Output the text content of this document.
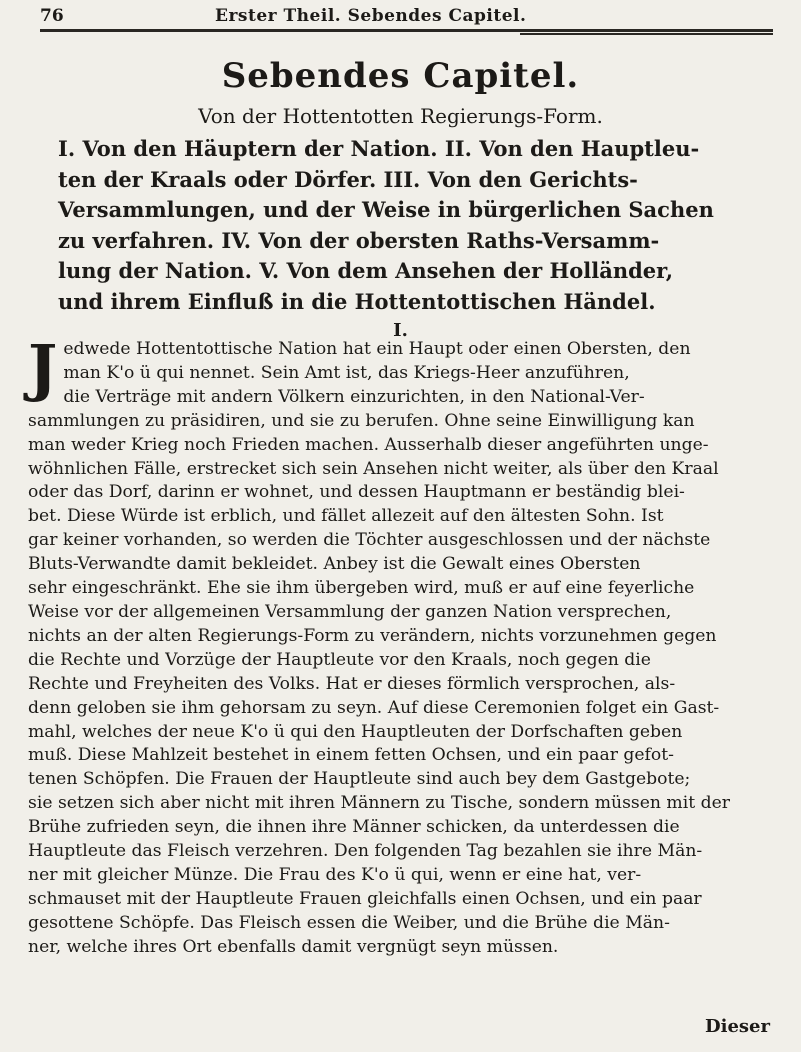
76	Erster Theil. Sebendes Capitel.
Sebendes Capitel.
Von der Hottentotten Regierungs-Form.
I. Von den Häuptern der Nation. II. Von den Hauptleu-
ten der Kraals oder Dörfer. III. Von den Gerichts-
Versammlungen, und der Weise in bürgerlichen Sachen
zu verfahren. IV. Von der obersten Raths-Versamm-
lung der Nation. V. Von dem Ansehen der Holländer,
und ihrem Einfluß in die Hottentottischen Händel.
I.
J edwede Hottentottische Nation hat ein Haupt oder einen Obersten, den
man K'o ü qui nennet. Sein Amt ist, das Kriegs-Heer anzuführen,
die Verträge mit andern Völkern einzurichten, in den National-Ver-
sammlungen zu präsidiren, und sie zu berufen. Ohne seine Einwilligung kan
man weder Krieg noch Frieden machen. Ausserhalb dieser angeführten unge-
wöhnlichen Fälle, erstrecket sich sein Ansehen nicht weiter, als über den Kraal
oder das Dorf, darinn er wohnet, und dessen Hauptmann er beständig blei-
bet. Diese Würde ist erblich, und fället allezeit auf den ältesten Sohn. Ist
gar keiner vorhanden, so werden die Töchter ausgeschlossen und der nächste
Bluts-Verwandte damit bekleidet. Anbey ist die Gewalt eines Obersten
sehr eingeschränkt. Ehe sie ihm übergeben wird, muß er auf eine feyerliche
Weise vor der allgemeinen Versammlung der ganzen Nation versprechen,
nichts an der alten Regierungs-Form zu verändern, nichts vorzunehmen gegen
die Rechte und Vorzüge der Hauptleute vor den Kraals, noch gegen die
Rechte und Freyheiten des Volks. Hat er dieses förmlich versprochen, als-
denn geloben sie ihm gehorsam zu seyn. Auf diese Ceremonien folget ein Gast-
mahl, welches der neue K'o ü qui den Hauptleuten der Dorfschaften geben
muß. Diese Mahlzeit bestehet in einem fetten Ochsen, und ein paar gefot-
tenen Schöpfen. Die Frauen der Hauptleute sind auch bey dem Gastgebote;
sie setzen sich aber nicht mit ihren Männern zu Tische, sondern müssen mit der
Brühe zufrieden seyn, die ihnen ihre Männer schicken, da unterdessen die
Hauptleute das Fleisch verzehren. Den folgenden Tag bezahlen sie ihre Män-
ner mit gleicher Münze. Die Frau des K'o ü qui, wenn er eine hat, ver-
schmauset mit der Hauptleute Frauen gleichfalls einen Ochsen, und ein paar
gesottene Schöpfe. Das Fleisch essen die Weiber, und die Brühe die Män-
ner, welche ihres Ort ebenfalls damit vergnügt seyn müssen.
Dieser
